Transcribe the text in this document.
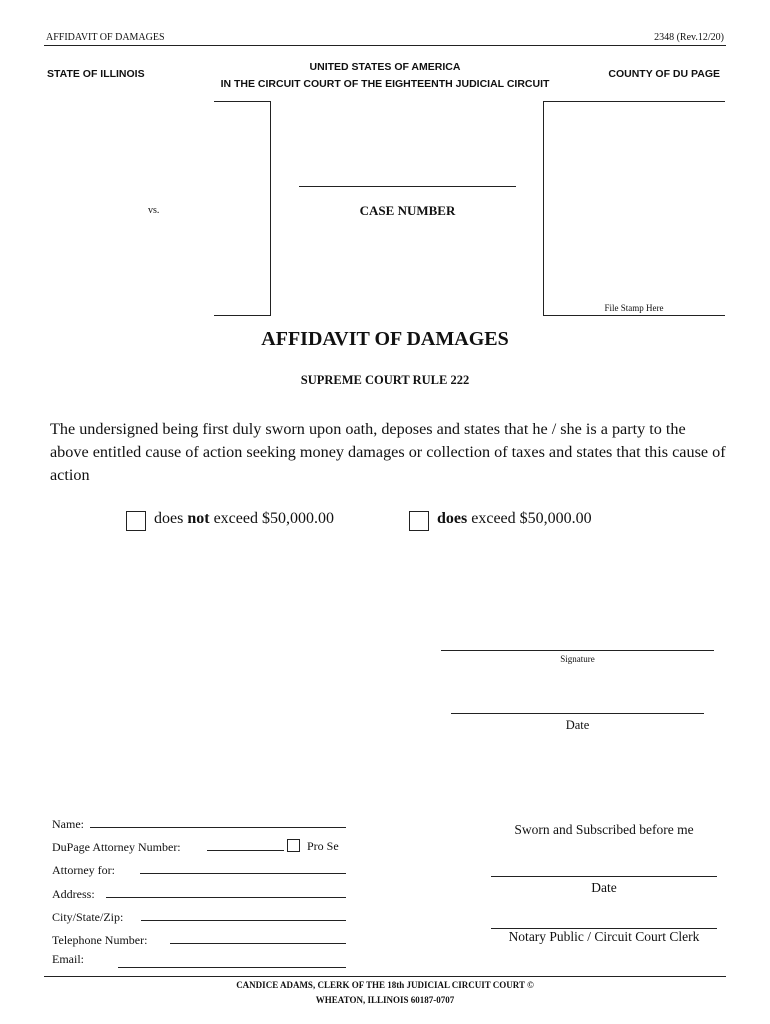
AFFIDAVIT OF DAMAGES	2348 (Rev.12/20)
STATE OF ILLINOIS
UNITED STATES OF AMERICA
IN THE CIRCUIT COURT OF THE EIGHTEENTH JUDICIAL CIRCUIT
COUNTY OF DU PAGE
vs.	CASE NUMBER
File Stamp Here
AFFIDAVIT OF DAMAGES
SUPREME COURT RULE 222
The undersigned being first duly sworn upon oath, deposes and states that he / she is a party to the above entitled cause of action seeking money damages or collection of taxes and states that this cause of action
does not exceed $50,000.00	does exceed $50,000.00
Signature
Date
Name:
DuPage Attorney Number:	Pro Se
Attorney for:
Address:
City/State/Zip:
Telephone Number:
Email:
Sworn and Subscribed before me
Date
Notary Public / Circuit Court Clerk
CANDICE ADAMS, CLERK OF THE 18th JUDICIAL CIRCUIT COURT ©
WHEATON, ILLINOIS 60187-0707
